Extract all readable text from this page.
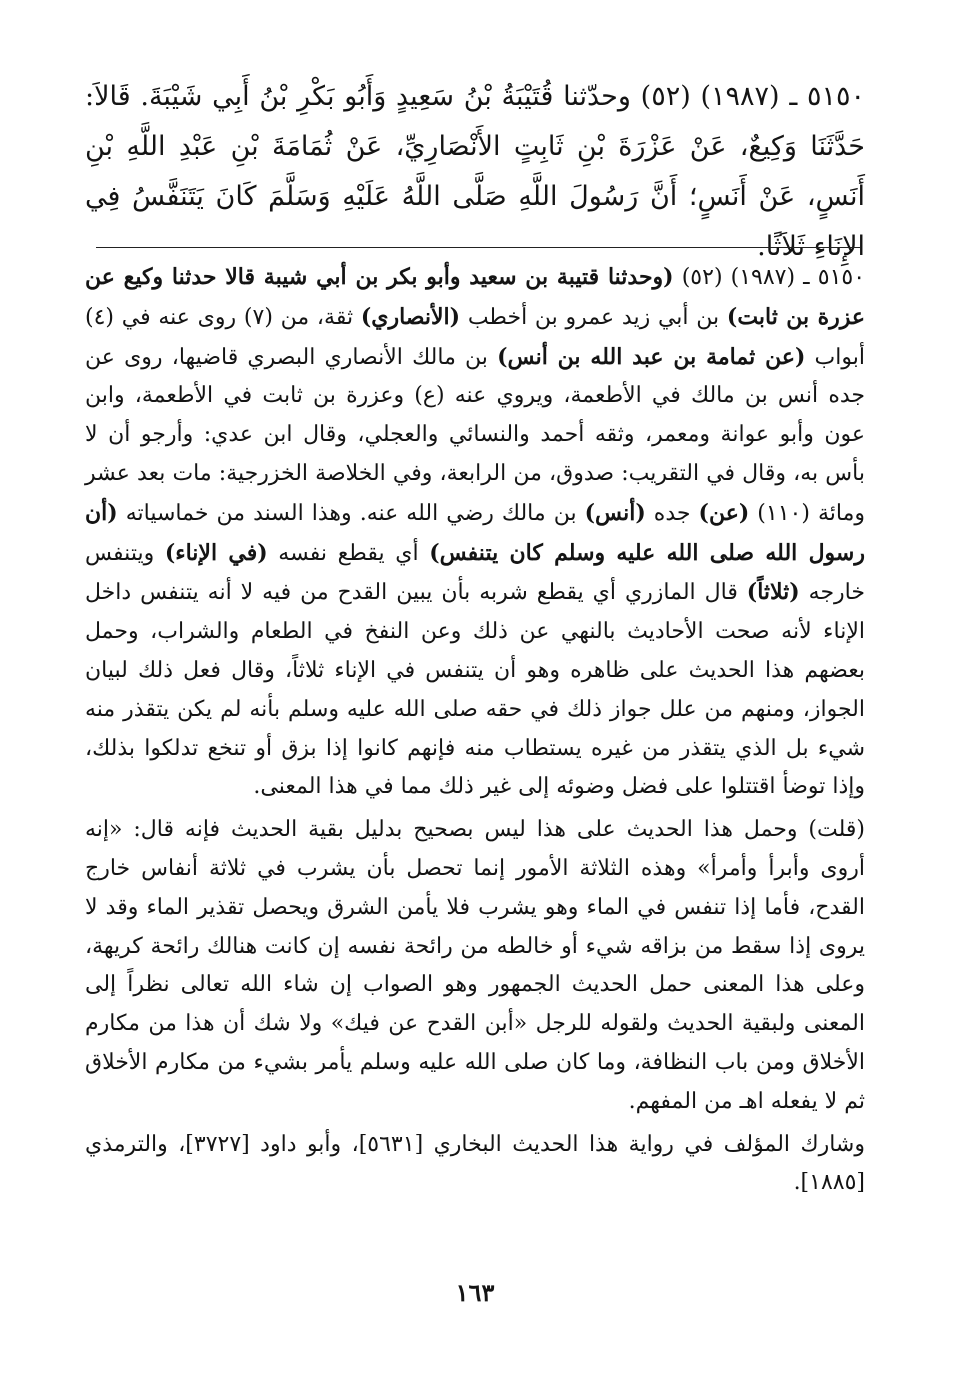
٥١٥٠ ـ (١٩٨٧) (٥٢) وحدّثنا قُتَيْبَةُ بْنُ سَعِيدٍ وَأَبُو بَكْرِ بْنُ أَبِي شَيْبَةَ. قَالاَ: حَدَّثَنَا وَكِيعٌ، عَنْ عَزْرَةَ بْنِ ثَابِتٍ الأَنْصَارِيِّ، عَنْ ثُمَامَةَ بْنِ عَبْدِ اللَّهِ بْنِ أَنَسٍ، عَنْ أَنَسٍ؛ أَنَّ رَسُولَ اللَّهِ صَلَّى اللَّهُ عَلَيْهِ وَسَلَّمَ كَانَ يَتَنَفَّسُ فِي الإِنَاءِ ثَلاَثًا.

٥١٥٠ ـ (١٩٨٧) (٥٢) (وحدثنا قتيبة بن سعيد وأبو بكر بن أبي شيبة قالا حدثنا وكيع عن عزرة بن ثابت) بن أبي زيد عمرو بن أخطب (الأنصاري) ثقة، من (٧) روى عنه في (٤) أبواب (عن ثمامة بن عبد الله بن أنس) بن مالك الأنصاري البصري قاضيها، روى عن جده أنس بن مالك في الأطعمة، ويروي عنه (ع) وعزرة بن ثابت في الأطعمة، وابن عون وأبو عوانة ومعمر، وثقه أحمد والنسائي والعجلي، وقال ابن عدي: وأرجو أن لا بأس به، وقال في التقريب: صدوق، من الرابعة، وفي الخلاصة الخزرجية: مات بعد عشر ومائة (١١٠) (عن) جده (أنس) بن مالك رضي الله عنه. وهذا السند من خماسياته (أن رسول الله صلى الله عليه وسلم كان يتنفس) أي يقطع نفسه (في الإناء) ويتنفس خارجه (ثلاثاً) قال المازري أي يقطع شربه بأن يبين القدح من فيه لا أنه يتنفس داخل الإناء لأنه صحت الأحاديث بالنهي عن ذلك وعن النفخ في الطعام والشراب، وحمل بعضهم هذا الحديث على ظاهره وهو أن يتنفس في الإناء ثلاثاً، وقال فعل ذلك لبيان الجواز، ومنهم من علل جواز ذلك في حقه صلى الله عليه وسلم بأنه لم يكن يتقذر منه شيء بل الذي يتقذر من غيره يستطاب منه فإنهم كانوا إذا بزق أو تنخع تدلكوا بذلك، وإذا توضأ اقتتلوا على فضل وضوئه إلى غير ذلك مما في هذا المعنى.

(قلت) وحمل هذا الحديث على هذا ليس بصحيح بدليل بقية الحديث فإنه قال: «إنه أروى وأبرأ وأمرأ» وهذه الثلاثة الأمور إنما تحصل بأن يشرب في ثلاثة أنفاس خارج القدح، فأما إذا تنفس في الماء وهو يشرب فلا يأمن الشرق ويحصل تقذير الماء وقد لا يروى إذا سقط من بزاقه شيء أو خالطه من رائحة نفسه إن كانت هنالك رائحة كريهة، وعلى هذا المعنى حمل الحديث الجمهور وهو الصواب إن شاء الله تعالى نظراً إلى المعنى ولبقية الحديث ولقوله للرجل «أبن القدح عن فيك» ولا شك أن هذا من مكارم الأخلاق ومن باب النظافة، وما كان صلى الله عليه وسلم يأمر بشيء من مكارم الأخلاق ثم لا يفعله اهـ من المفهم.

وشارك المؤلف في رواية هذا الحديث البخاري [٥٦٣١]، وأبو داود [٣٧٢٧]، والترمذي [١٨٨٥].

١٦٣
